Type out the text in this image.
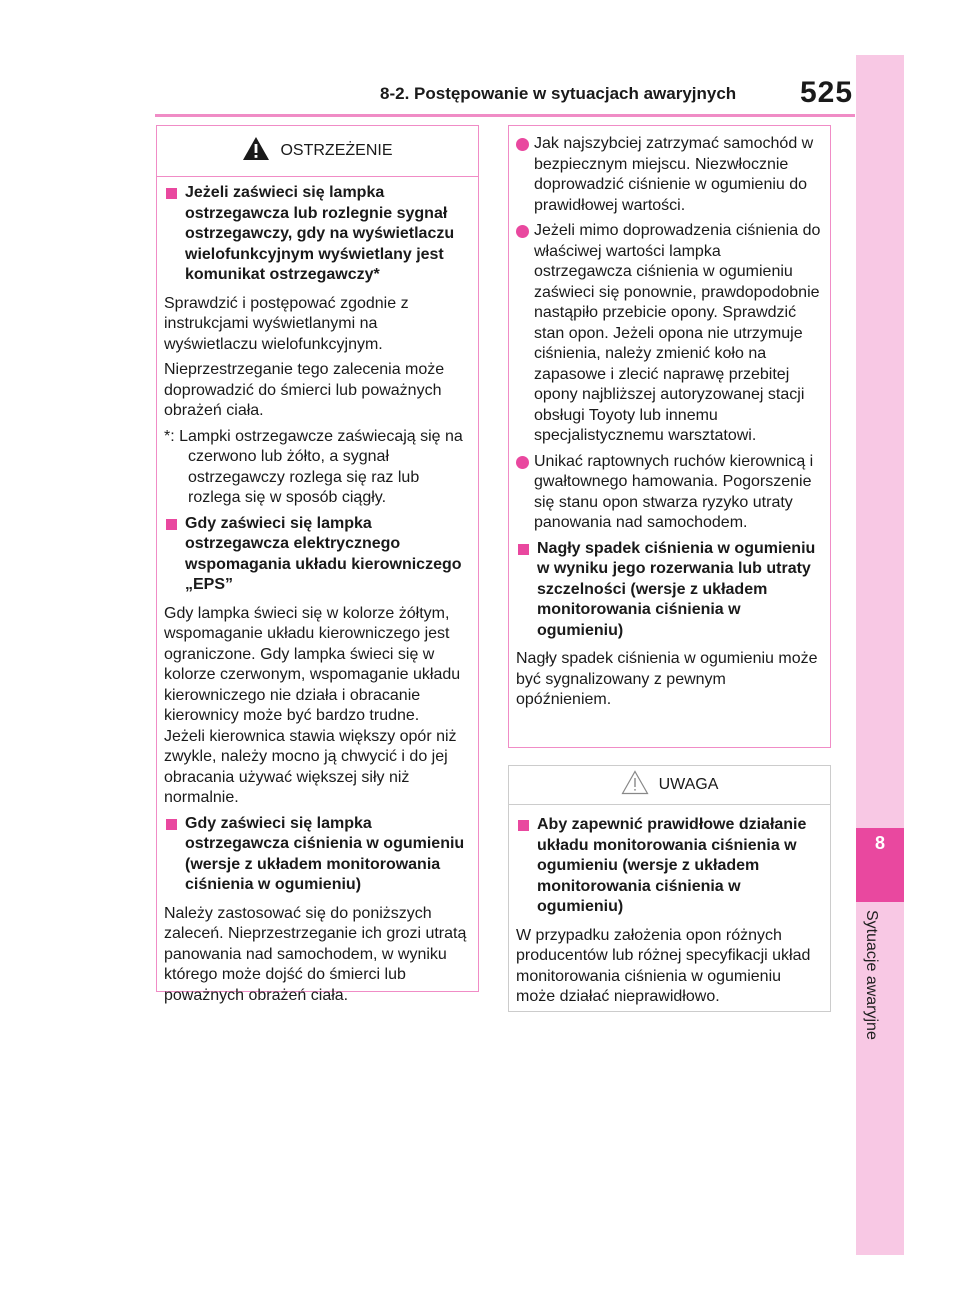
8-2. Postępowanie w sytuacjach awaryjnych 525
8
Sytuacje awaryjne
OSTRZEŻENIE
Jeżeli zaświeci się lampka ostrzegawcza lub rozlegnie sygnał ostrzegawczy, gdy na wyświetlaczu wielofunkcyjnym wyświetlany jest komunikat ostrzegawczy*
Sprawdzić i postępować zgodnie z instrukcjami wyświetlanymi na wyświetlaczu wielofunkcyjnym.
Nieprzestrzeganie tego zalecenia może doprowadzić do śmierci lub poważnych obrażeń ciała.
*: Lampki ostrzegawcze zaświecają się na czerwono lub żółto, a sygnał ostrzegawczy rozlega się raz lub rozlega się w sposób ciągły.
Gdy zaświeci się lampka ostrzegawcza elektrycznego wspomagania układu kierowniczego „EPS”
Gdy lampka świeci się w kolorze żółtym, wspomaganie układu kierowniczego jest ograniczone. Gdy lampka świeci się w kolorze czerwonym, wspomaganie układu kierowniczego nie działa i obracanie kierownicy może być bardzo trudne.
Jeżeli kierownica stawia większy opór niż zwykle, należy mocno ją chwycić i do jej obracania używać większej siły niż normalnie.
Gdy zaświeci się lampka ostrzegawcza ciśnienia w ogumieniu (wersje z układem monitorowania ciśnienia w ogumieniu)
Należy zastosować się do poniższych zaleceń. Nieprzestrzeganie ich grozi utratą panowania nad samochodem, w wyniku którego może dojść do śmierci lub poważnych obrażeń ciała.
Jak najszybciej zatrzymać samochód w bezpiecznym miejscu. Niezwłocznie doprowadzić ciśnienie w ogumieniu do prawidłowej wartości.
Jeżeli mimo doprowadzenia ciśnienia do właściwej wartości lampka ostrzegawcza ciśnienia w ogumieniu zaświeci się ponownie, prawdopodobnie nastąpiło przebicie opony. Sprawdzić stan opon. Jeżeli opona nie utrzymuje ciśnienia, należy zmienić koło na zapasowe i zlecić naprawę przebitej opony najbliższej autoryzowanej stacji obsługi Toyoty lub innemu specjalistycznemu warsztatowi.
Unikać raptownych ruchów kierownicą i gwałtownego hamowania. Pogorszenie się stanu opon stwarza ryzyko utraty panowania nad samochodem.
Nagły spadek ciśnienia w ogumieniu w wyniku jego rozerwania lub utraty szczelności (wersje z układem monitorowania ciśnienia w ogumieniu)
Nagły spadek ciśnienia w ogumieniu może być sygnalizowany z pewnym opóźnieniem.
UWAGA
Aby zapewnić prawidłowe działanie układu monitorowania ciśnienia w ogumieniu (wersje z układem monitorowania ciśnienia w ogumieniu)
W przypadku założenia opon różnych producentów lub różnej specyfikacji układ monitorowania ciśnienia w ogumieniu może działać nieprawidłowo.
